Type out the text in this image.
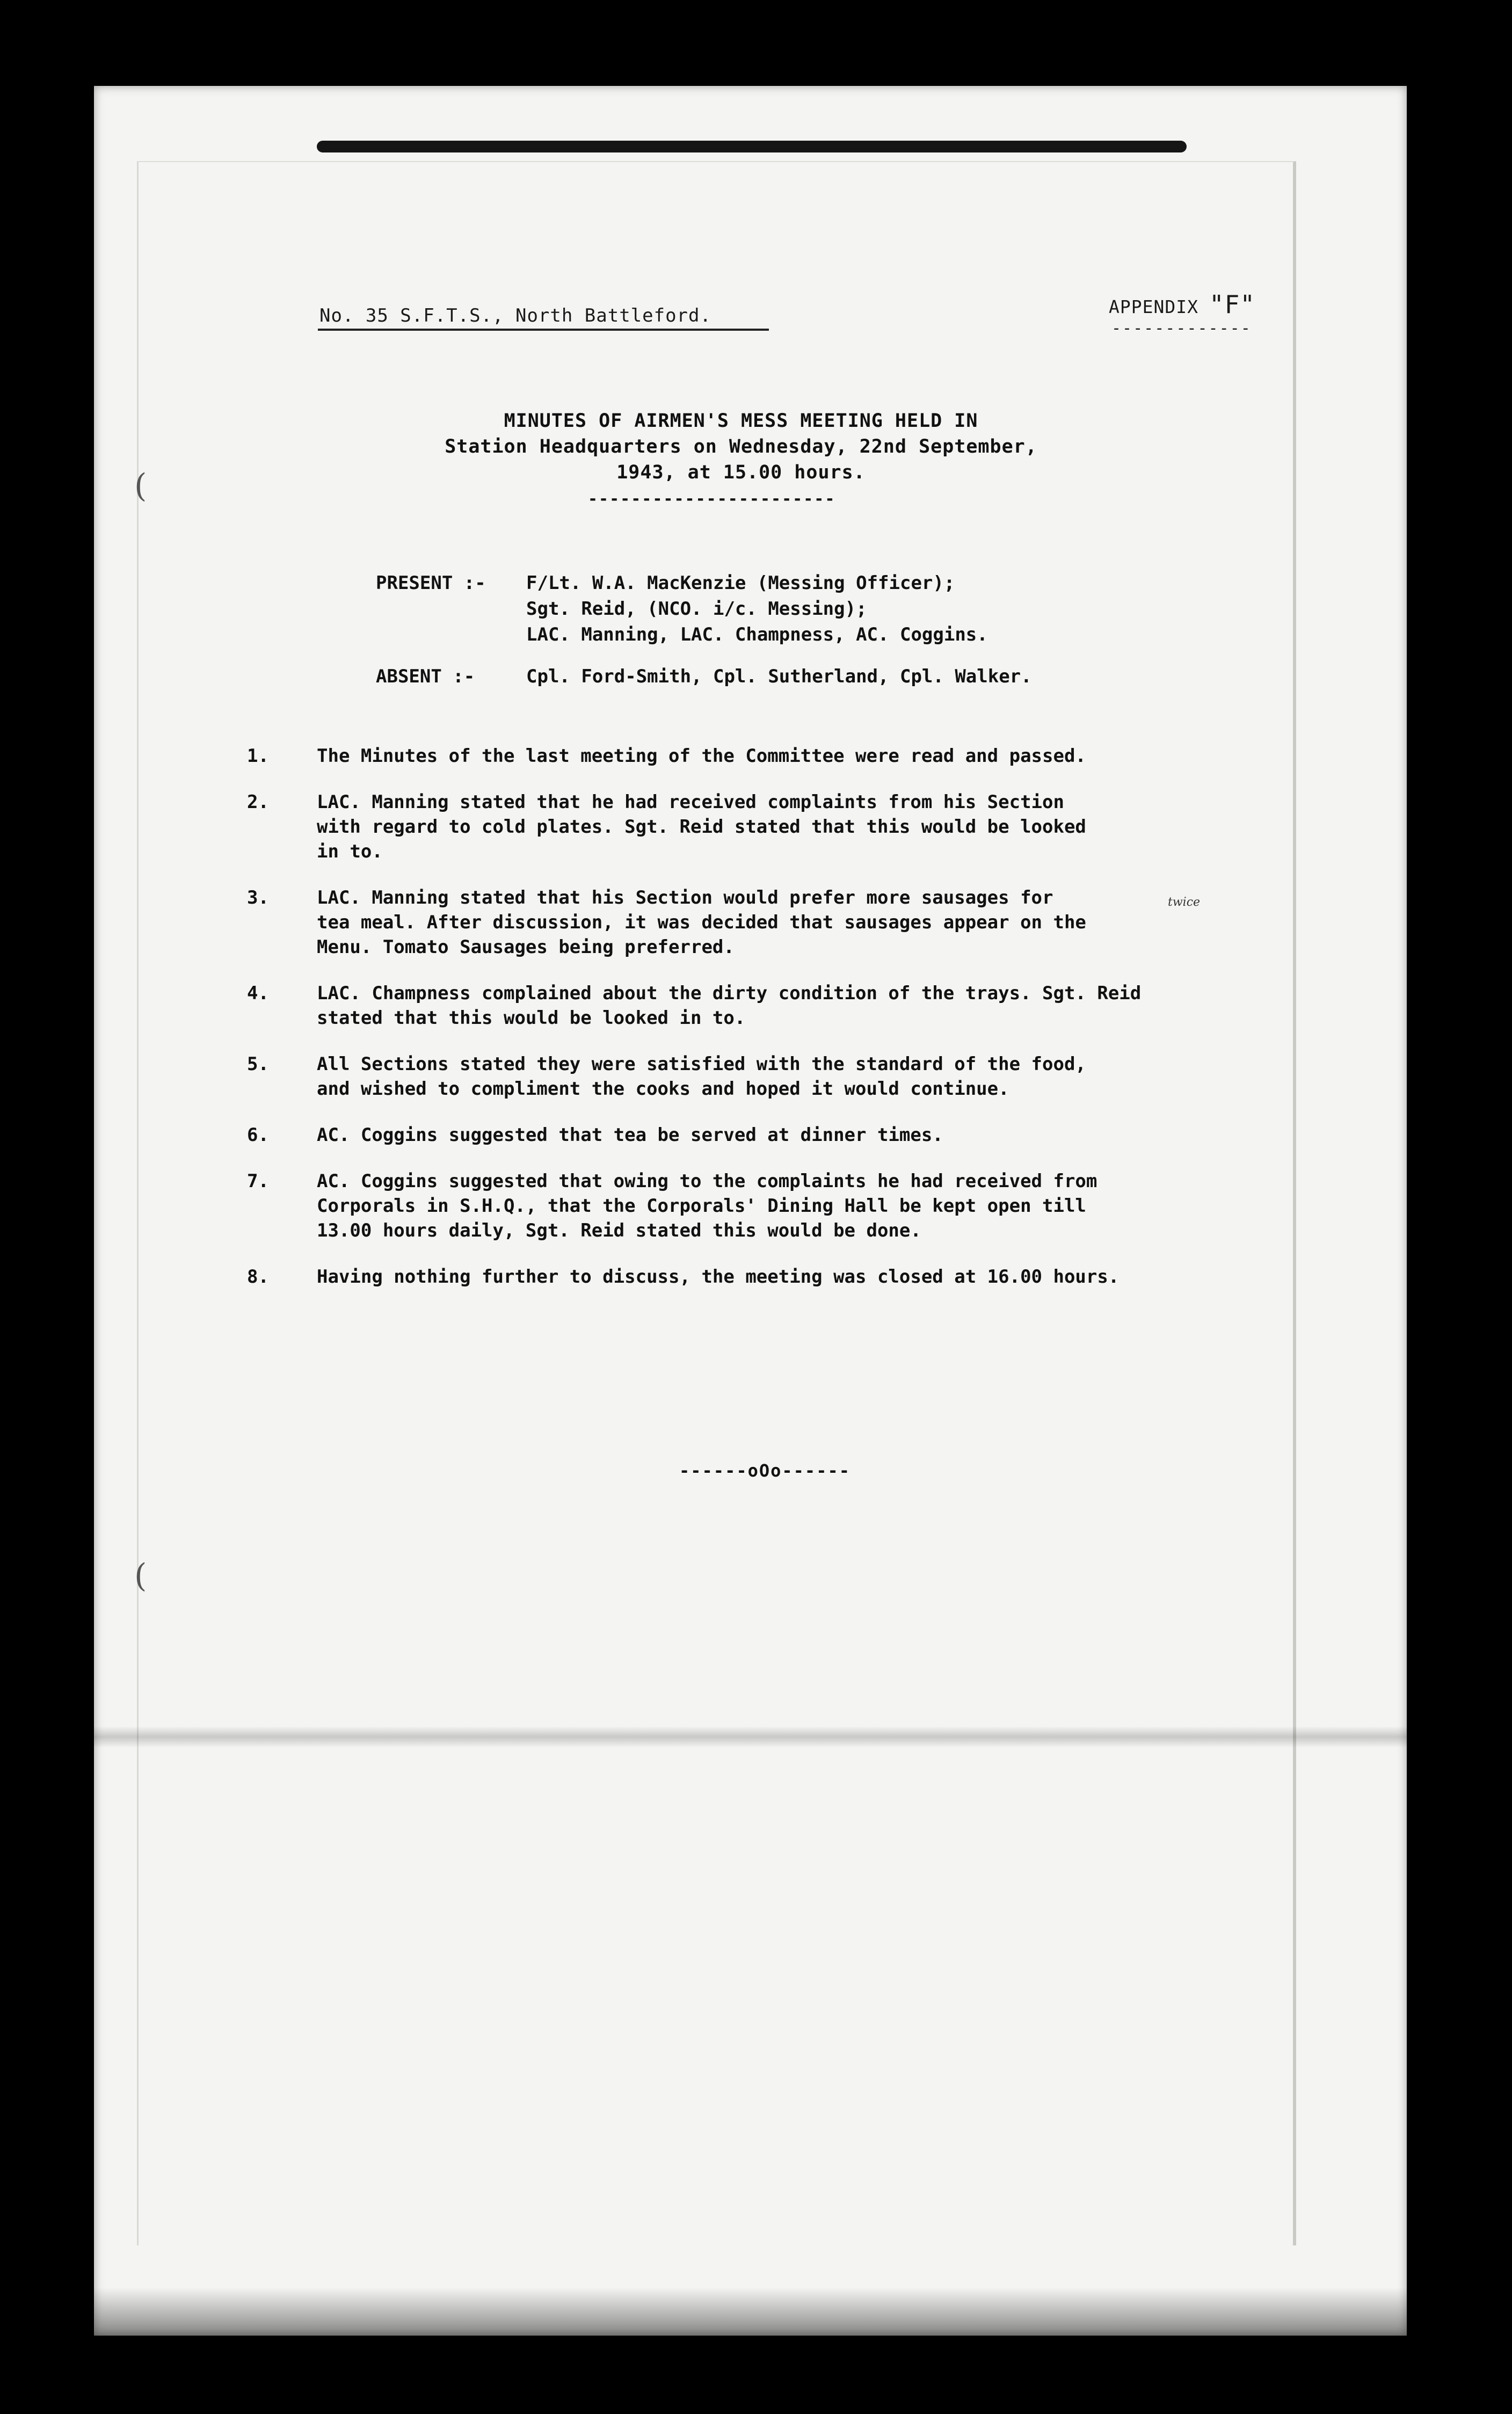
(
(
No. 35 S.F.T.S., North Battleford.	APPENDIX "F"
-------------
MINUTES OF AIRMEN'S MESS MEETING HELD IN
Station Headquarters on Wednesday, 22nd September,
1943, at 15.00 hours.
-----------------------
PRESENT :-	F/Lt. W.A. MacKenzie (Messing Officer);
Sgt. Reid, (NCO. i/c. Messing);
LAC. Manning, LAC. Champness, AC. Coggins.
ABSENT :-	Cpl. Ford-Smith, Cpl. Sutherland, Cpl. Walker.
1.	The Minutes of the last meeting of the Committee were read and passed.
2.	LAC. Manning stated that he had received complaints from his Section
with regard to cold plates. Sgt. Reid stated that this would be looked
in to.
3.	LAC. Manning stated that his Section would prefer more sausages for
tea meal. After discussion, it was decided that sausages appear on the
Menu. Tomato Sausages being preferred.
4.	LAC. Champness complained about the dirty condition of the trays. Sgt. Reid
stated that this would be looked in to.
5.	All Sections stated they were satisfied with the standard of the food,
and wished to compliment the cooks and hoped it would continue.
6.	AC. Coggins suggested that tea be served at dinner times.
7.	AC. Coggins suggested that owing to the complaints he had received from
Corporals in S.H.Q., that the Corporals' Dining Hall be kept open till
13.00 hours daily, Sgt. Reid stated this would be done.
8.	Having nothing further to discuss, the meeting was closed at 16.00 hours.
twice
------oOo------
